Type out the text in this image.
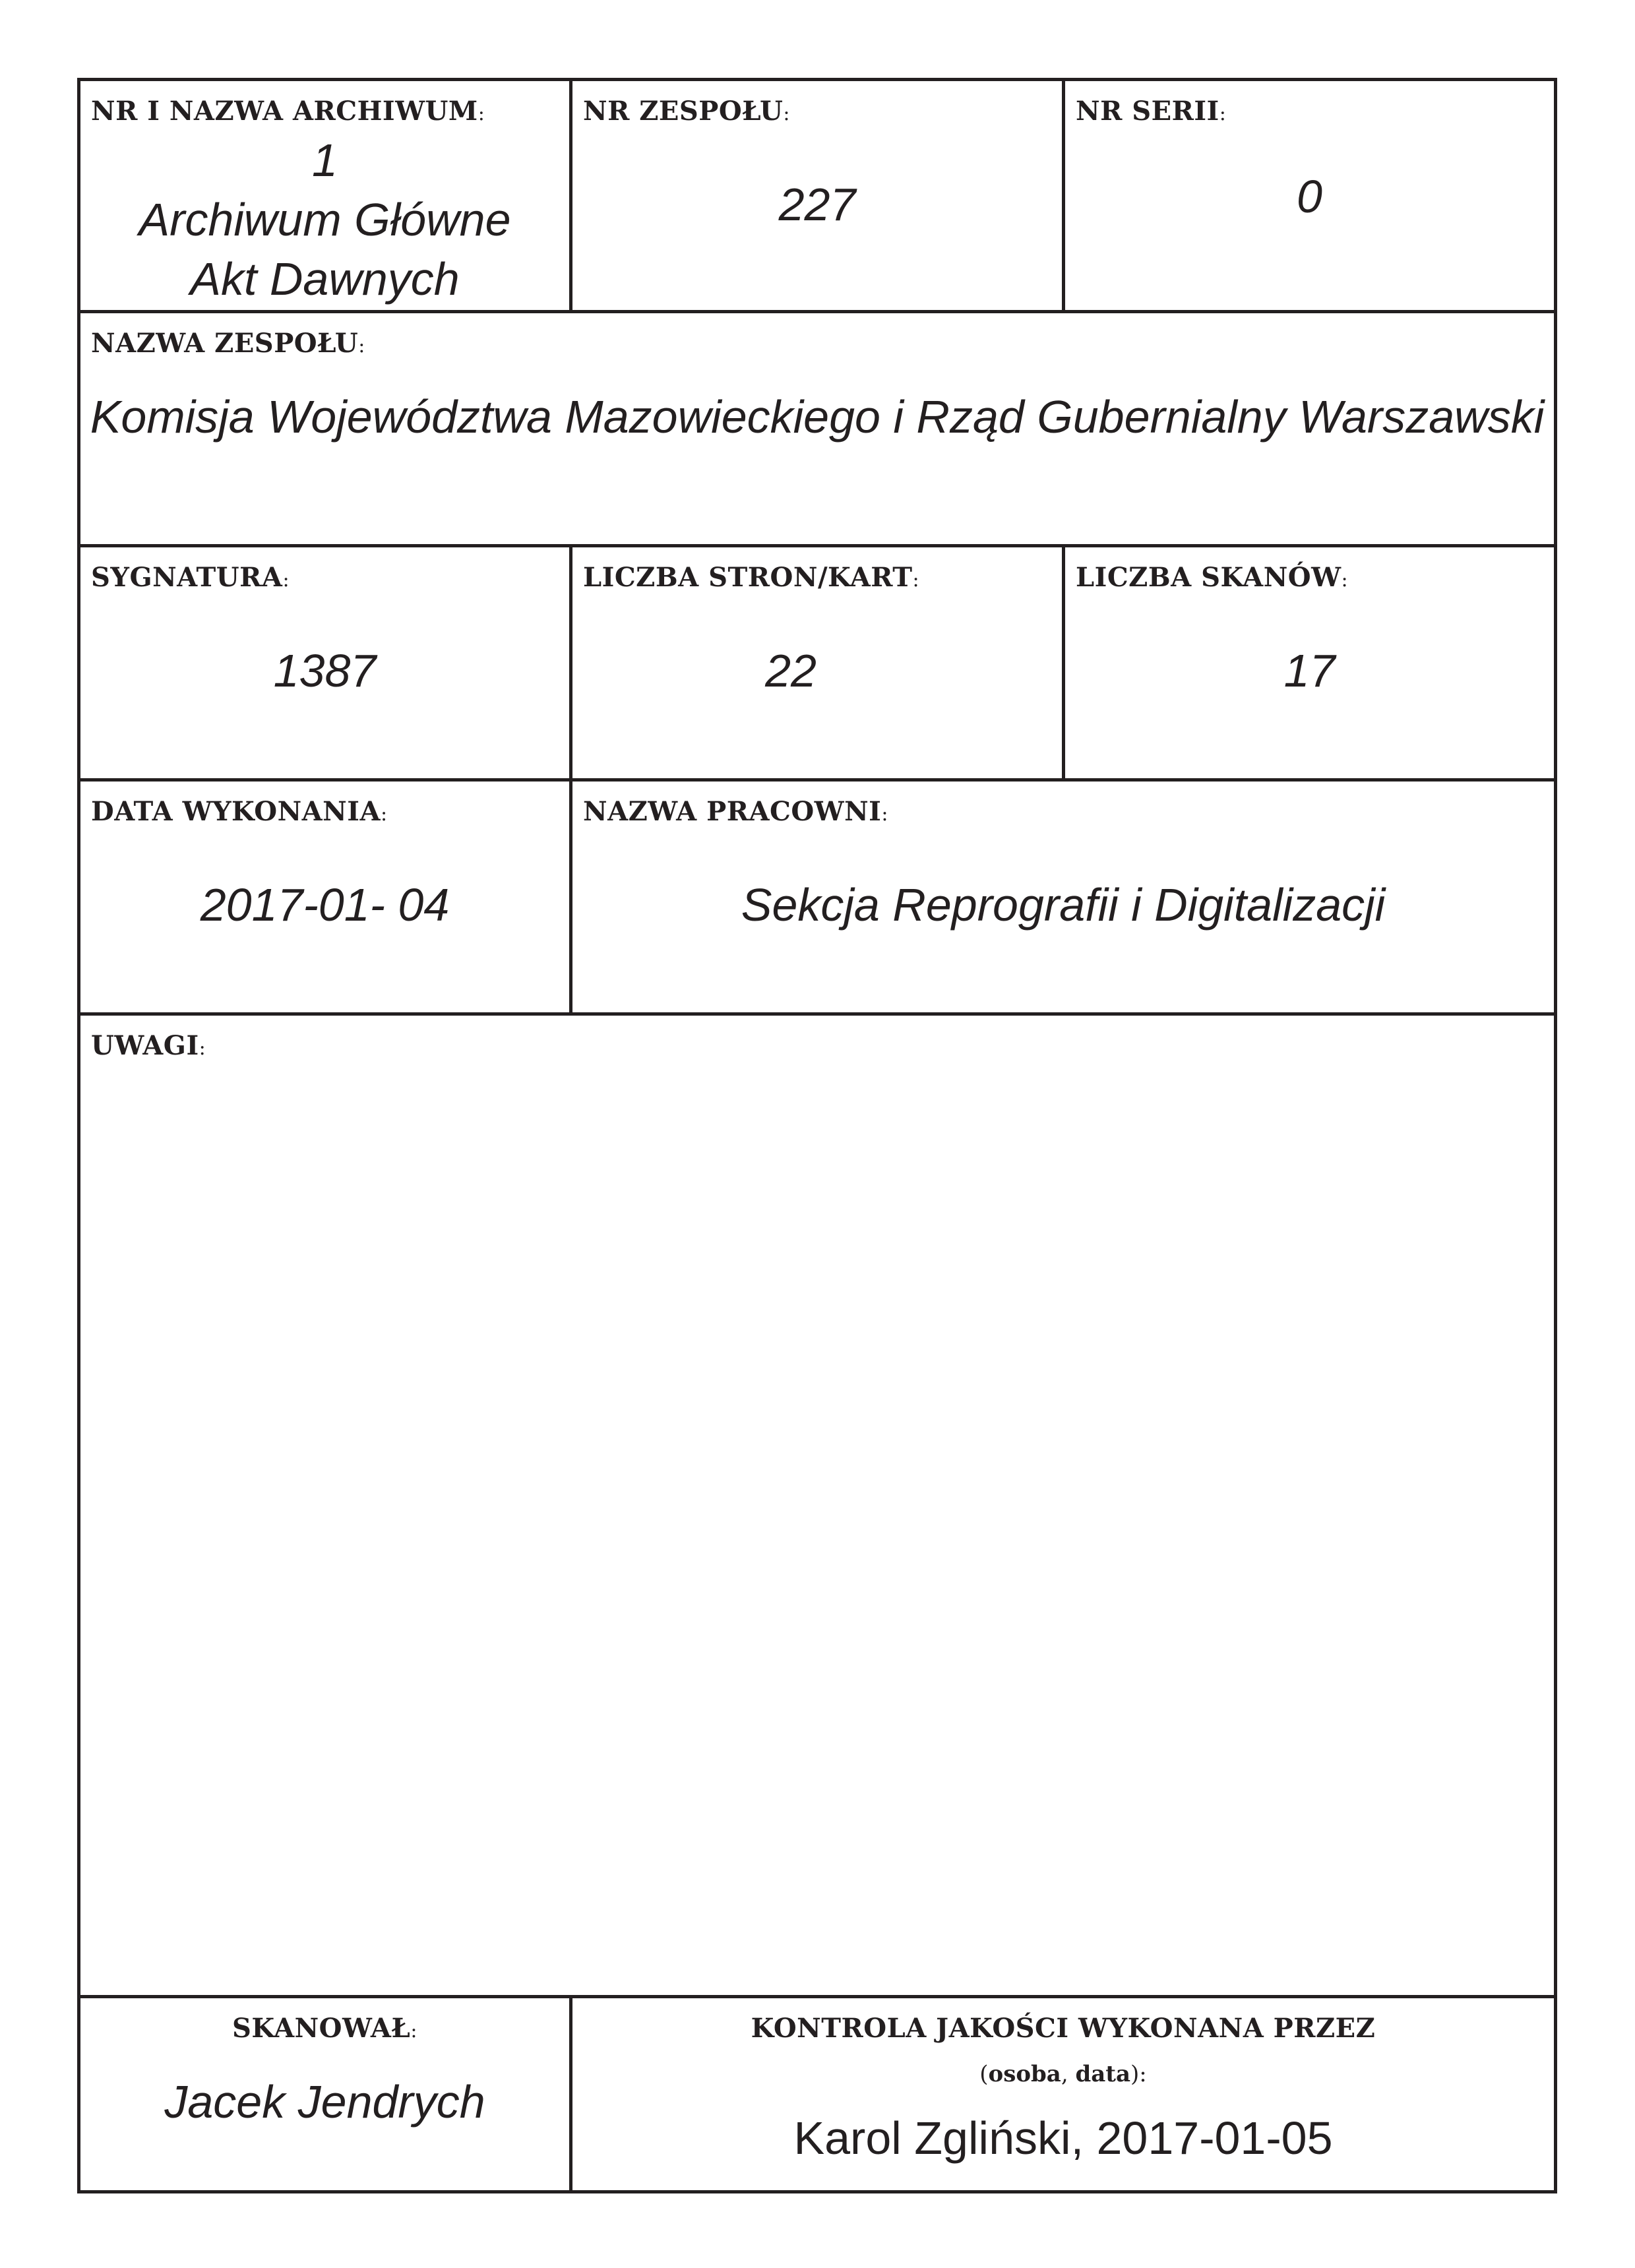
NR I NAZWA ARCHIWUM:
1
Archiwum Główne
Akt Dawnych
NR ZESPOŁU:
227
NR SERII:
0
NAZWA ZESPOŁU:
Komisja Województwa Mazowieckiego i Rząd Gubernialny Warszawski
SYGNATURA:
1387
LICZBA STRON/KART:
22
LICZBA SKANÓW:
17
DATA WYKONANIA:
2017-01- 04
NAZWA PRACOWNI:
Sekcja Reprografii i Digitalizacji
UWAGI:
SKANOWAŁ:
Jacek Jendrych
KONTROLA JAKOŚCI WYKONANA PRZEZ
(osoba, data):
Karol Zgliński, 2017-01-05
